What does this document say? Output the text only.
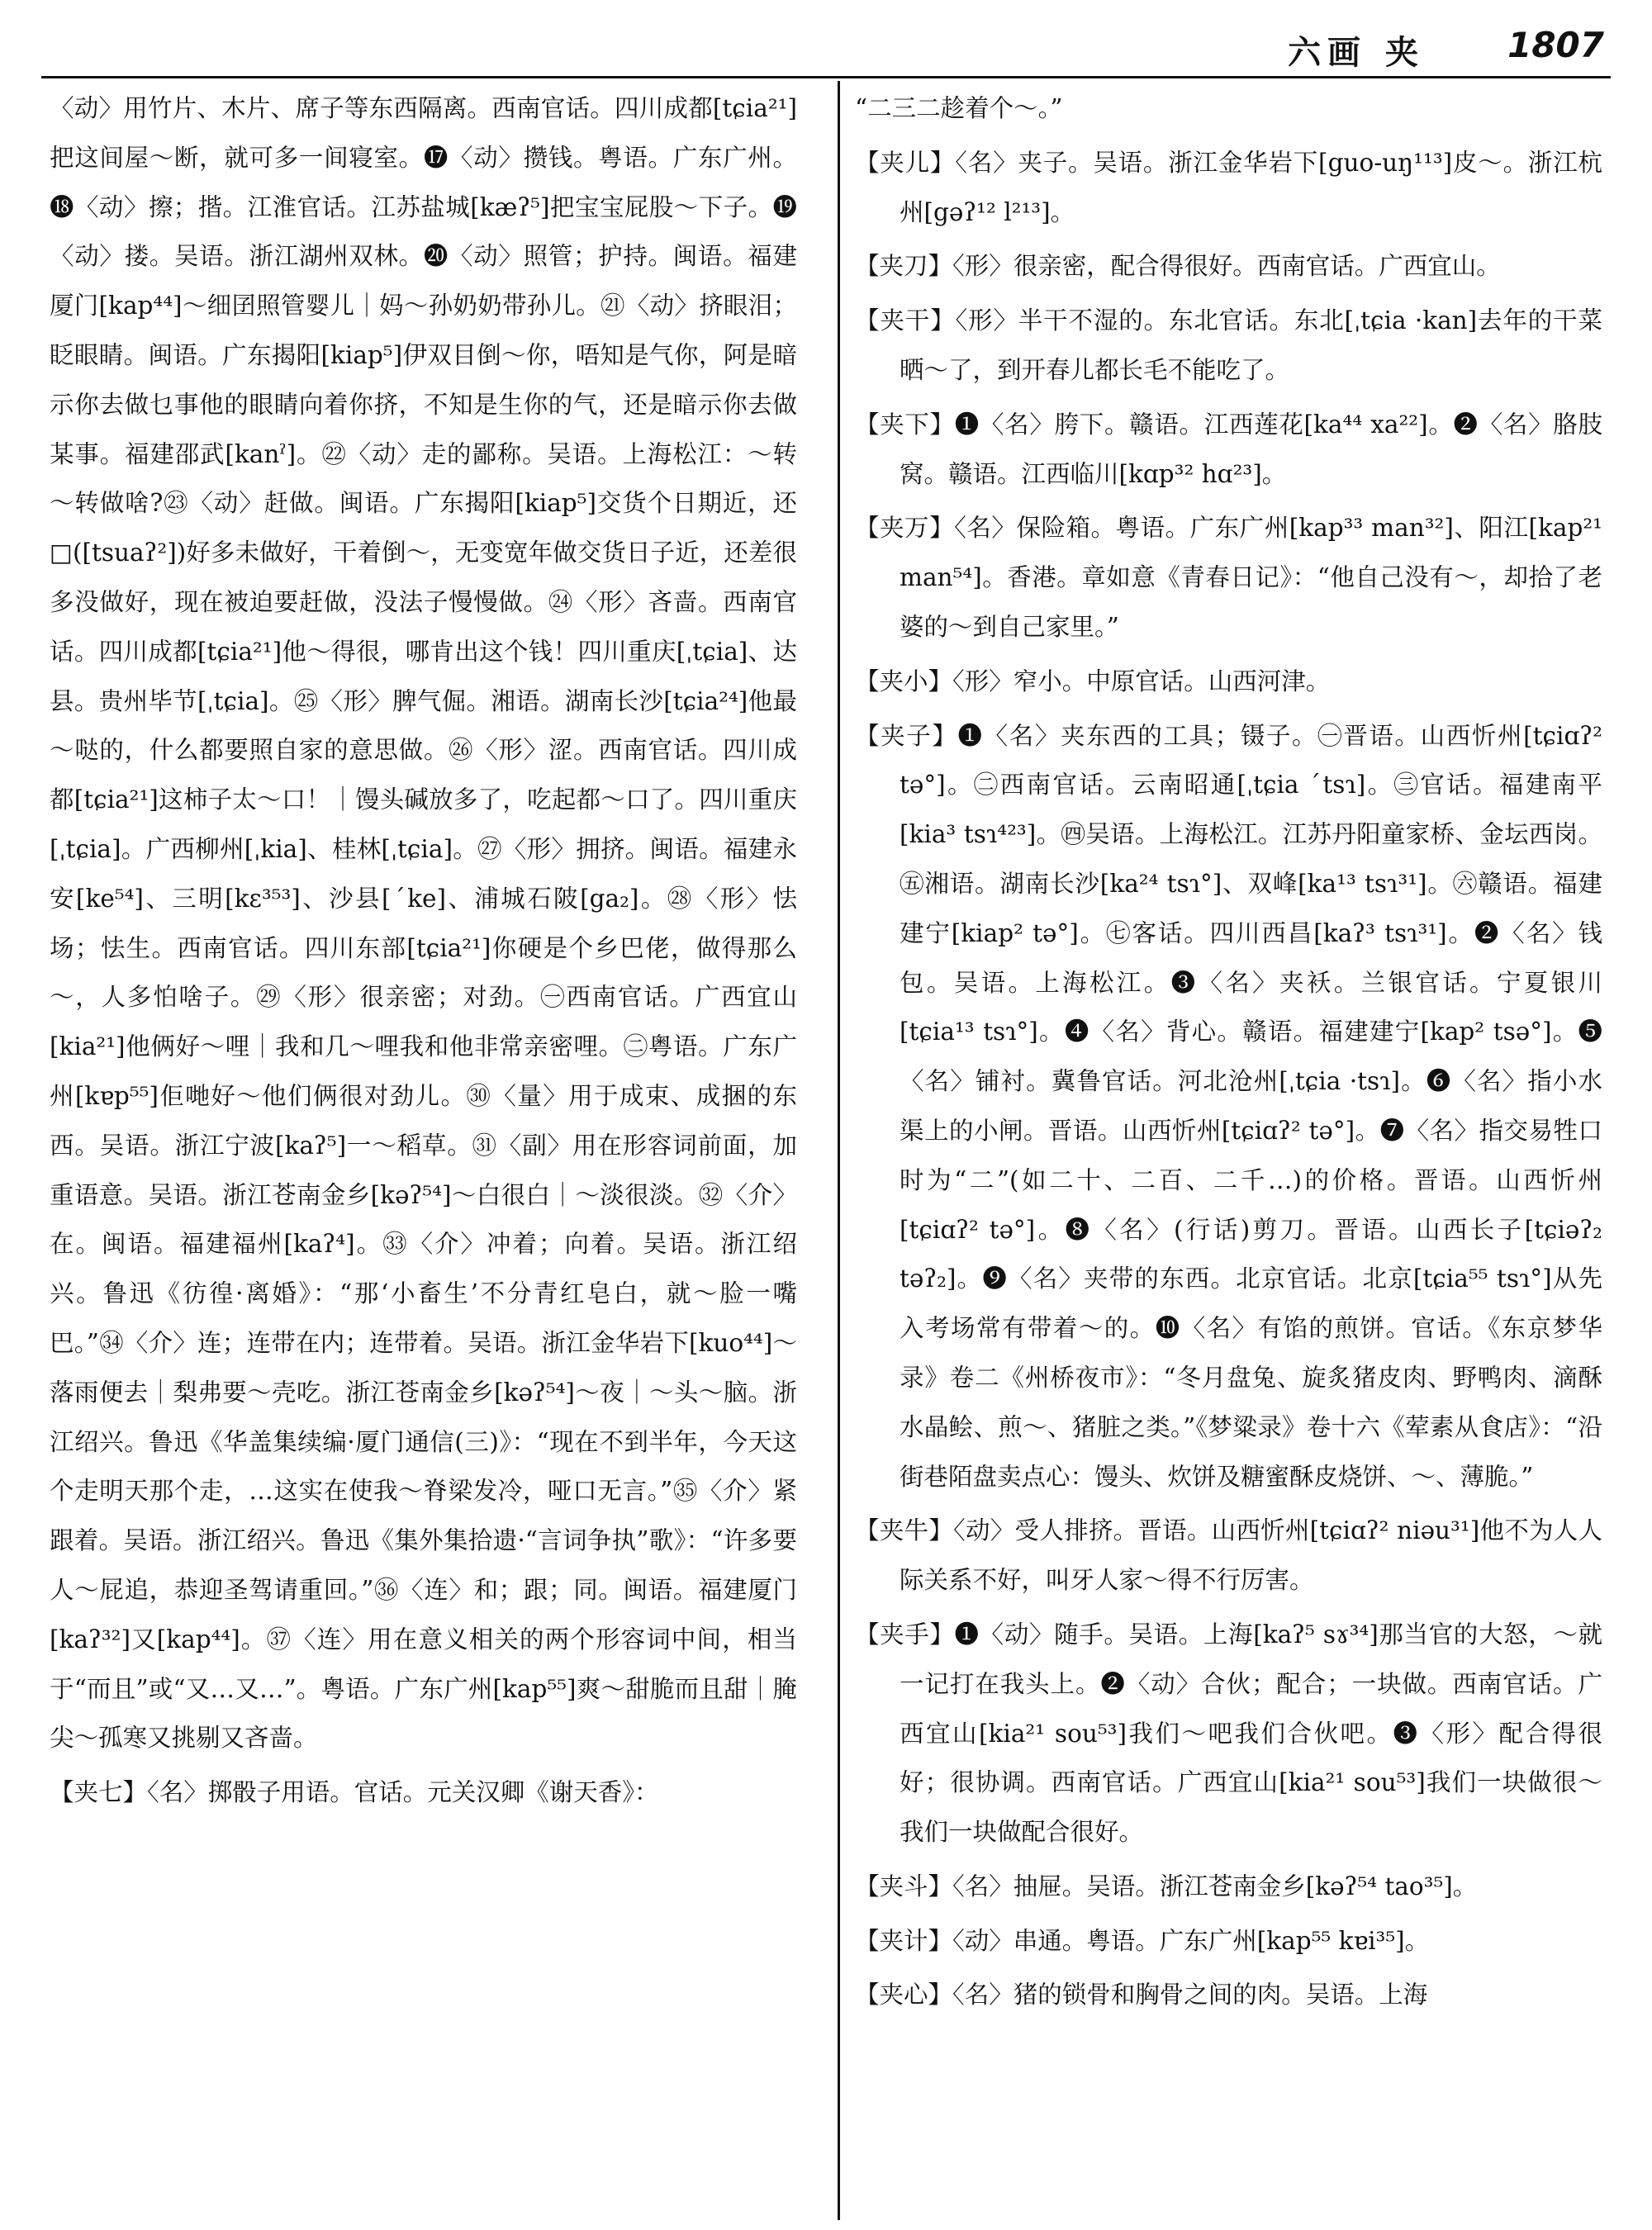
六画 夹 1807

〈动〉用竹片、木片、席子等东西隔离。西南官话。四川成都[tɕia²¹]把这间屋～断，就可多一间寝室。⓱〈动〉攒钱。粤语。广东广州。⓲〈动〉擦；揩。江淮官话。江苏盐城[kæʔ⁵]把宝宝屁股～下子。⓳〈动〉搂。吴语。浙江湖州双林。⓴〈动〉照管；护持。闽语。福建厦门[kap⁴⁴]～细囝照管婴儿｜妈～孙奶奶带孙儿。㉑〈动〉挤眼泪；眨眼睛。闽语。广东揭阳[kiap⁵]伊双目倒～你，唔知是气你，阿是暗示你去做乜事他的眼睛向着你挤，不知是生你的气，还是暗示你去做某事。福建邵武[kanˀ]。㉒〈动〉走的鄙称。吴语。上海松江：～转～转做啥?㉓〈动〉赶做。闽语。广东揭阳[kiap⁵]交货个日期近，还□([tsuaʔ²])好多未做好，干着倒～，无变宽年做交货日子近，还差很多没做好，现在被迫要赶做，没法子慢慢做。㉔〈形〉吝啬。西南官话。四川成都[tɕia²¹]他～得很，哪肯出这个钱！四川重庆[ˌtɕia]、达县。贵州毕节[ˌtɕia]。㉕〈形〉脾气倔。湘语。湖南长沙[tɕia²⁴]他最～哒的，什么都要照自家的意思做。㉖〈形〉涩。西南官话。四川成都[tɕia²¹]这柿子太～口！｜馒头碱放多了，吃起都～口了。四川重庆[ˌtɕia]。广西柳州[ˌkia]、桂林[ˌtɕia]。㉗〈形〉拥挤。闽语。福建永安[ke⁵⁴]、三明[kɛ³⁵³]、沙县[ˊke]、浦城石陂[ga₂]。㉘〈形〉怯场；怯生。西南官话。四川东部[tɕia²¹]你硬是个乡巴佬，做得那么～，人多怕啥子。㉙〈形〉很亲密；对劲。㊀西南官话。广西宜山[kia²¹]他俩好～哩｜我和几～哩我和他非常亲密哩。㊁粤语。广东广州[kɐp⁵⁵]佢哋好～他们俩很对劲儿。㉚〈量〉用于成束、成捆的东西。吴语。浙江宁波[kaʔ⁵]一～稻草。㉛〈副〉用在形容词前面，加重语意。吴语。浙江苍南金乡[kəʔ⁵⁴]～白很白｜～淡很淡。㉜〈介〉在。闽语。福建福州[kaʔ⁴]。㉝〈介〉冲着；向着。吴语。浙江绍兴。鲁迅《彷徨·离婚》：“那‘小畜生’不分青红皂白，就～脸一嘴巴。”㉞〈介〉连；连带在内；连带着。吴语。浙江金华岩下[kuo⁴⁴]～落雨便去｜梨弗要～壳吃。浙江苍南金乡[kəʔ⁵⁴]～夜｜～头～脑。浙江绍兴。鲁迅《华盖集续编·厦门通信(三)》：“现在不到半年，今天这个走明天那个走，…这实在使我～脊梁发冷，哑口无言。”㉟〈介〉紧跟着。吴语。浙江绍兴。鲁迅《集外集拾遗·“言词争执”歌》：“许多要人～屁追，恭迎圣驾请重回。”㊱〈连〉和；跟；同。闽语。福建厦门[kaʔ³²]又[kap⁴⁴]。㊲〈连〉用在意义相关的两个形容词中间，相当于“而且”或“又…又…”。粤语。广东广州[kap⁵⁵]爽～甜脆而且甜｜腌尖～孤寒又挑剔又吝啬。

【夹七】〈名〉掷骰子用语。官话。元关汉卿《谢天香》：

“二三二趁着个～。”

【夹儿】〈名〉夹子。吴语。浙江金华岩下[guo-uŋ¹¹³]皮～。浙江杭州[gəʔ¹² l²¹³]。

【夹刀】〈形〉很亲密，配合得很好。西南官话。广西宜山。

【夹干】〈形〉半干不湿的。东北官话。东北[ˌtɕia ·kan]去年的干菜晒～了，到开春儿都长毛不能吃了。

【夹下】❶〈名〉胯下。赣语。江西莲花[ka⁴⁴ xa²²]。❷〈名〉胳肢窝。赣语。江西临川[kɑp³² hɑ²³]。

【夹万】〈名〉保险箱。粤语。广东广州[kap³³ man³²]、阳江[kap²¹ man⁵⁴]。香港。章如意《青春日记》：“他自己没有～，却拾了老婆的～到自己家里。”

【夹小】〈形〉窄小。中原官话。山西河津。

【夹子】❶〈名〉夹东西的工具；镊子。㊀晋语。山西忻州[tɕiɑʔ² tə°]。㊁西南官话。云南昭通[ˌtɕia ˊtsɿ]。㊂官话。福建南平[kia³ tsɿ⁴²³]。㊃吴语。上海松江。江苏丹阳童家桥、金坛西岗。㊄湘语。湖南长沙[ka²⁴ tsɿ°]、双峰[ka¹³ tsɿ³¹]。㊅赣语。福建建宁[kiap² tə°]。㊆客话。四川西昌[kaʔ³ tsɿ³¹]。❷〈名〉钱包。吴语。上海松江。❸〈名〉夹袄。兰银官话。宁夏银川[tɕia¹³ tsɿ°]。❹〈名〉背心。赣语。福建建宁[kap² tsə°]。❺〈名〉铺衬。冀鲁官话。河北沧州[ˌtɕia ·tsɿ]。❻〈名〉指小水渠上的小闸。晋语。山西忻州[tɕiɑʔ² tə°]。❼〈名〉指交易牲口时为“二”(如二十、二百、二千…)的价格。晋语。山西忻州[tɕiɑʔ² tə°]。❽〈名〉(行话)剪刀。晋语。山西长子[tɕiəʔ₂ təʔ₂]。❾〈名〉夹带的东西。北京官话。北京[tɕia⁵⁵ tsɿ°]从先入考场常有带着～的。❿〈名〉有馅的煎饼。官话。《东京梦华录》卷二《州桥夜市》：“冬月盘兔、旋炙猪皮肉、野鸭肉、滴酥水晶鲙、煎～、猪脏之类。”《梦粱录》卷十六《荤素从食店》：“沿街巷陌盘卖点心：馒头、炊饼及糖蜜酥皮烧饼、～、薄脆。”

【夹牛】〈动〉受人排挤。晋语。山西忻州[tɕiɑʔ² niəu³¹]他不为人人际关系不好，叫牙人家～得不行厉害。

【夹手】❶〈动〉随手。吴语。上海[kaʔ⁵ sɤ³⁴]那当官的大怒，～就一记打在我头上。❷〈动〉合伙；配合；一块做。西南官话。广西宜山[kia²¹ sou⁵³]我们～吧我们合伙吧。❸〈形〉配合得很好；很协调。西南官话。广西宜山[kia²¹ sou⁵³]我们一块做很～我们一块做配合很好。

【夹斗】〈名〉抽屉。吴语。浙江苍南金乡[kəʔ⁵⁴ tao³⁵]。

【夹计】〈动〉串通。粤语。广东广州[kap⁵⁵ kɐi³⁵]。

【夹心】〈名〉猪的锁骨和胸骨之间的肉。吴语。上海
